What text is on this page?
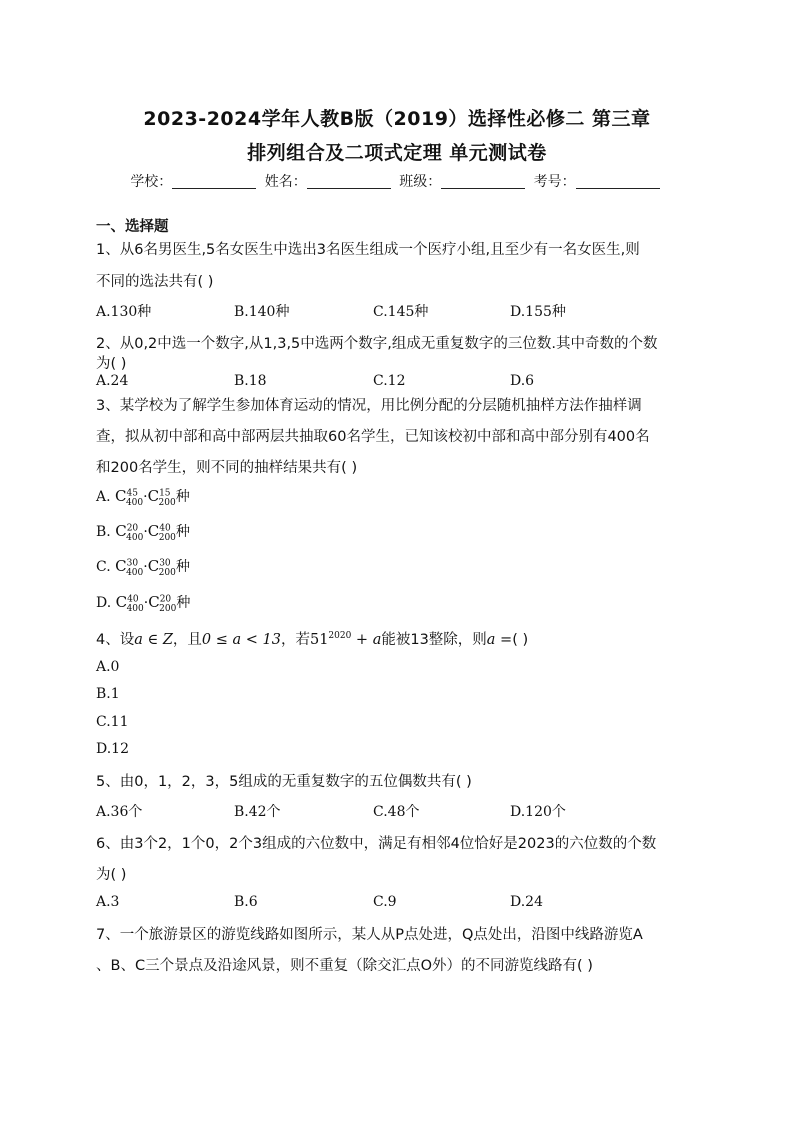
2023-2024学年人教B版（2019）选择性必修二 第三章
排列组合及二项式定理 单元测试卷
学校：	姓名：	班级：	考号：
一、选择题
1、从6名男医生,5名女医生中选出3名医生组成一个医疗小组,且至少有一名女医生,则
不同的选法共有( )
A.130种	B.140种	C.145种	D.155种
2、从0,2中选一个数字,从1,3,5中选两个数字,组成无重复数字的三位数.其中奇数的个数
为( )
A.24	B.18	C.12	D.6
3、某学校为了解学生参加体育运动的情况，用比例分配的分层随机抽样方法作抽样调
查，拟从初中部和高中部两层共抽取60名学生，已知该校初中部和高中部分别有400名
和200名学生，则不同的抽样结果共有( )
A. $C^{45}_{400}\cdot C^{15}_{200}$种
B. $C^{20}_{400}\cdot C^{40}_{200}$种
C. $C^{30}_{400}\cdot C^{30}_{200}$种
D. $C^{40}_{400}\cdot C^{20}_{200}$种
4、设a ∈ Z，且0 ≤ a < 13，若$51^{2020} + a$能被13整除，则a =( )
A.0
B.1
C.11
D.12
5、由0，1，2，3，5组成的无重复数字的五位偶数共有( )
A.36个	B.42个	C.48个	D.120个
6、由3个2，1个0，2个3组成的六位数中，满足有相邻4位恰好是2023的六位数的个数
为( )
A.3	B.6	C.9	D.24
7、一个旅游景区的游览线路如图所示，某人从P点处进，Q点处出，沿图中线路游览A
、B、C三个景点及沿途风景，则不重复（除交汇点O外）的不同游览线路有( )
